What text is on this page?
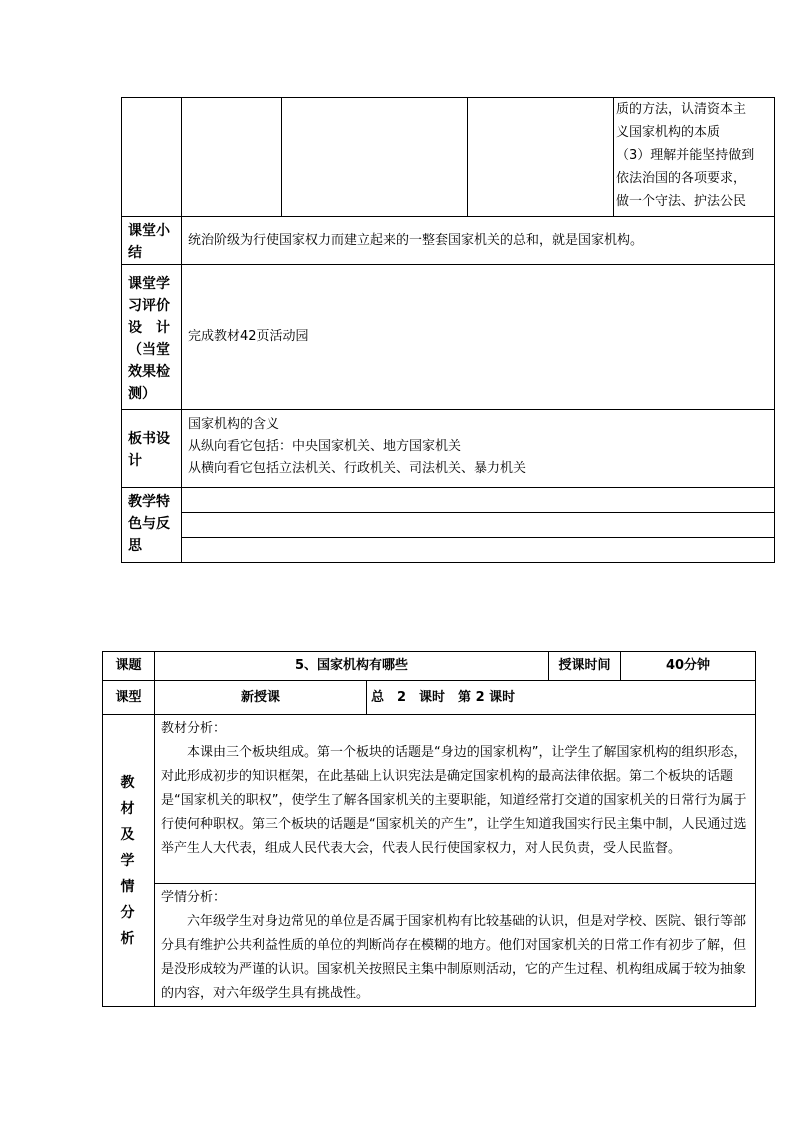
				质的方法，认清资本主
义国家机构的本质
（3）理解并能坚持做到
依法治国的各项要求，
做一个守法、护法公民

课堂小结	统治阶级为行使国家权力而建立起来的一整套国家机关的总和，就是国家机构。			
课堂学习评价设　计（当堂效果检测）	完成教材42页活动园			
板书设计	国家机构的含义
从纵向看它包括：中央国家机关、地方国家机关
从横向看它包括立法机关、行政机关、司法机关、暴力机关			

教学特色与反思				
课题	5、国家机构有哪些		授课时间	40分钟
课型	新授课	总　2　课时　第 2 课时		
教 材 及 学 情 分 析	教材分析：

本课由三个板块组成。第一个板块的话题是“身边的国家机构”，让学生了解国家机构的组织形态，对此形成初步的知识框架，在此基础上认识宪法是确定国家机构的最高法律依据。第二个板块的话题是“国家机关的职权”，使学生了解各国家机关的主要职能，知道经常打交道的国家机关的日常行为属于行使何种职权。第三个板块的话题是“国家机关的产生”，让学生知道我国实行民主集中制，人民通过选举产生人大代表，组成人民代表大会，代表人民行使国家权力，对人民负责，受人民监督。			

	学情分析：

六年级学生对身边常见的单位是否属于国家机构有比较基础的认识，但是对学校、医院、银行等部分具有维护公共利益性质的单位的判断尚存在模糊的地方。他们对国家机关的日常工作有初步了解，但是没形成较为严谨的认识。国家机关按照民主集中制原则活动，它的产生过程、机构组成属于较为抽象的内容，对六年级学生具有挑战性。			
